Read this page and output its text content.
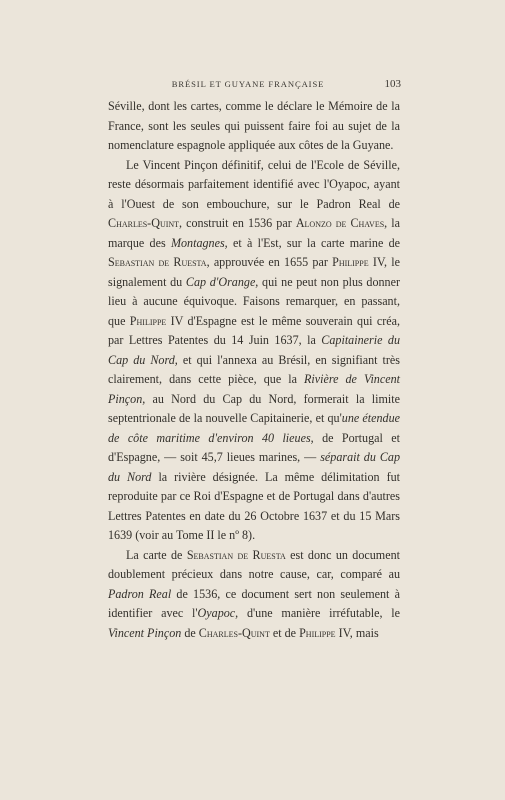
BRÉSIL ET GUYANE FRANÇAISE	103

Séville, dont les cartes, comme le déclare le Mémoire de la France, sont les seules qui puissent faire foi au sujet de la nomenclature espagnole appliquée aux côtes de la Guyane.

Le Vincent Pinçon définitif, celui de l'Ecole de Séville, reste désormais parfaitement identifié avec l'Oyapoc, ayant à l'Ouest de son embouchure, sur le Padron Real de Charles-Quint, construit en 1536 par Alonzo de Chaves, la marque des Montagnes, et à l'Est, sur la carte marine de Sebastian de Ruesta, approuvée en 1655 par Philippe IV, le signalement du Cap d'Orange, qui ne peut non plus donner lieu à aucune équivoque. Faisons remarquer, en passant, que Philippe IV d'Espagne est le même souverain qui créa, par Lettres Patentes du 14 Juin 1637, la Capitainerie du Cap du Nord, et qui l'annexa au Brésil, en signifiant très clairement, dans cette pièce, que la Rivière de Vincent Pinçon, au Nord du Cap du Nord, formerait la limite septentrionale de la nouvelle Capitainerie, et qu'une étendue de côte maritime d'environ 40 lieues, de Portugal et d'Espagne, — soit 45,7 lieues marines, — séparait du Cap du Nord la rivière désignée. La même délimitation fut reproduite par ce Roi d'Espagne et de Portugal dans d'autres Lettres Patentes en date du 26 Octobre 1637 et du 15 Mars 1639 (voir au Tome II le nº 8).

La carte de Sebastian de Ruesta est donc un document doublement précieux dans notre cause, car, comparé au Padron Real de 1536, ce document sert non seulement à identifier avec l'Oyapoc, d'une manière irréfutable, le Vincent Pinçon de Charles-Quint et de Philippe IV, mais
